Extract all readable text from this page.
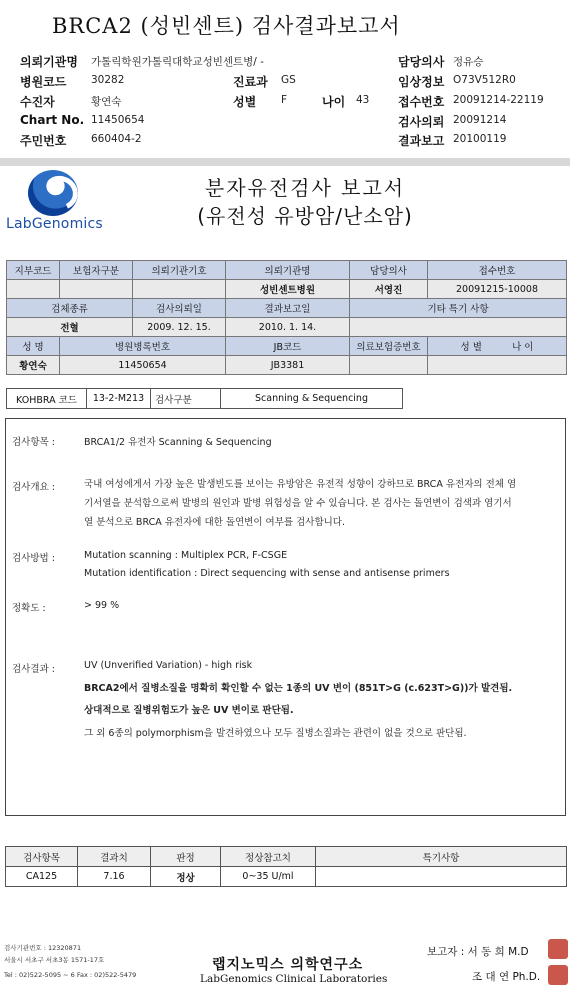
BRCA2 (성빈센트) 검사결과보고서
의뢰기관명 가톨릭학원가톨릭대학교성빈센트병/ -	담당의사 정유승
병원코드 30282	진료과 GS	임상정보 O73V512R0
수진자	황연숙	성별 F	나이 43 접수번호 20091214-22119
Chart No. 11450654	검사의뢰 20091214
주민번호 660404-2	결과보고 20100119
LabGenomics
분자유전검사 보고서
(유전성 유방암/난소암)
지부코드	보험자구분	의뢰기관기호	의뢰기관명	담당의사	접수번호
			성빈센트병원	서영진	20091215-10008
검체종류		검사의뢰일	결과보고일	기타 특기 사항	
전혈		2009. 12. 15.	2010. 1. 14.		
성 명	병원병록번호		JB코드	의료보험증번호	성 별 나 이
황연숙	11450654		JB3381		
KOHBRA 코드	13-2-M213	검사구분	Scanning & Sequencing
검사항목 :	BRCA1/2 유전자 Scanning & Sequencing
검사개요 :	국내 여성에게서 가장 높은 발생빈도를 보이는 유방암은 유전적 성향이 강하므로 BRCA 유전자의 전체 염
기서열을 분석함으로써 발병의 원인과 발병 위험성을 알 수 있습니다. 본 검사는 돌연변이 검색과 염기서
열 분석으로 BRCA 유전자에 대한 돌연변이 여부를 검사합니다.
검사방법 :	Mutation scanning : Multiplex PCR, F-CSGE
Mutation identification : Direct sequencing with sense and antisense primers
정확도 :	> 99 %
검사결과 :	UV (Unverified Variation) - high risk
BRCA2에서 질병소질을 명확히 확인할 수 없는 1종의 UV 변이 (851T>G (c.623T>G))가 발견됨.
상대적으로 질병위험도가 높은 UV 변이로 판단됨.
그 외 6종의 polymorphism을 발견하였으나 모두 질병소질과는 관련이 없을 것으로 판단됨.
검사항목	결과치	판정	정상참고치	특기사항
CA125	7.16	정상	0~35 U/ml	
검사기관번호 : 12320871
서울시 서초구 서초3동 1571-17호
Tel : 02)522-5095 ~ 6 Fax : 02)522-5479
랩지노믹스 의학연구소
LabGenomics Clinical Laboratories
보고자 : 서 동 희 M.D
조 대 연 Ph.D.
